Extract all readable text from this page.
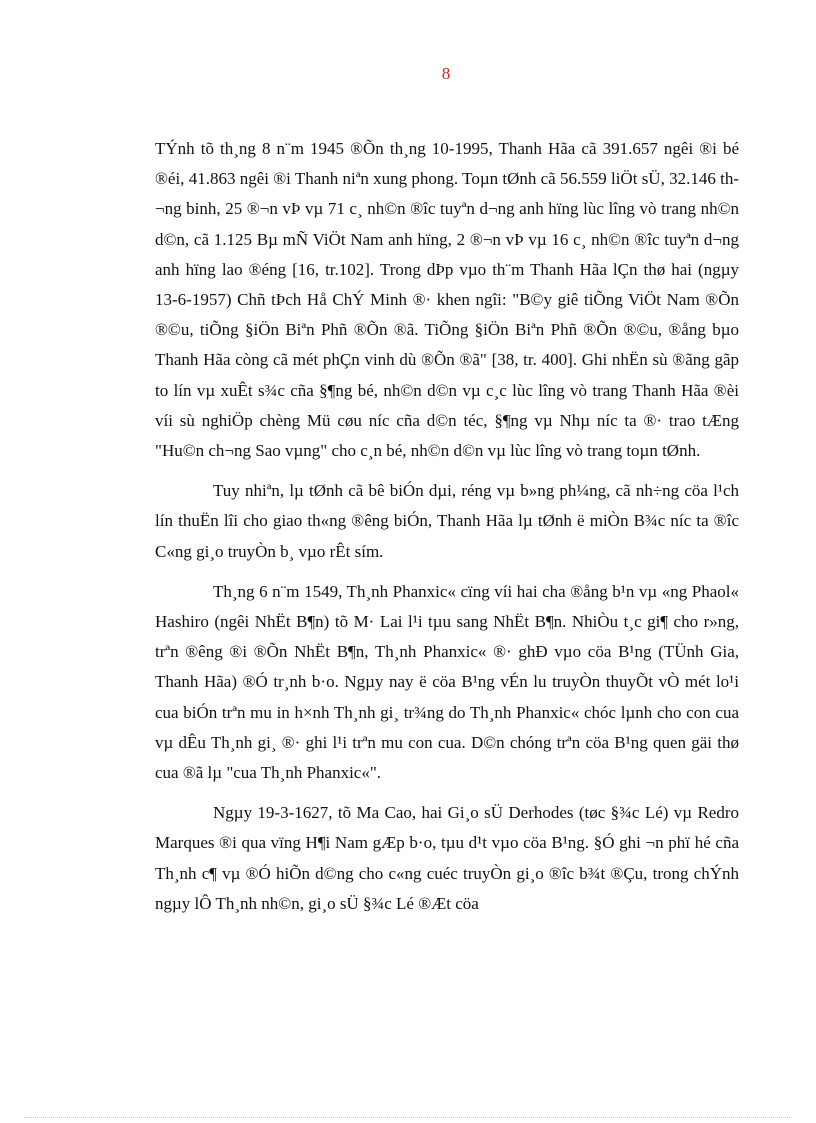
8

TÝnh tõ th¸ng 8 n¨m 1945 ®Õn th¸ng 10-1995, Thanh Hãa cã 391.657 ngêi ®i bé ®éi, 41.863 ngêi ®i Thanh niªn xung phong. Toµn tØnh cã 56.559 liÖt sÜ, 32.146 th¬ng binh, 25 ®¬n vÞ vµ 71 c¸ nh©n ®îc tuyªn d¬ng anh hïng lùc lîng vò trang nh©n d©n, cã 1.125 Bµ mÑ ViÖt Nam anh hïng, 2 ®¬n vÞ vµ 16 c¸ nh©n ®îc tuyªn d¬ng anh hïng lao ®éng [16, tr.102]. Trong dÞp vµo th¨m Thanh Hãa lÇn thø hai (ngµy 13-6-1957) Chñ tÞch Hå ChÝ Minh ®· khen ngîi: "B©y giê tiÕng ViÖt Nam ®Õn ®©u, tiÕng §iÖn Biªn Phñ ®Õn ®ã. TiÕng §iÖn Biªn Phñ ®Õn ®©u, ®ång bµo Thanh Hãa còng cã mét phÇn vinh dù ®Õn ®ã" [38, tr. 400]. Ghi nhËn sù ®ãng gãp to lín vµ xuÊt s¾c cña §¶ng bé, nh©n d©n vµ c¸c lùc lîng vò trang Thanh Hãa ®èi víi sù nghiÖp chèng Mü cøu níc cña d©n téc, §¶ng vµ Nhµ níc ta ®· trao tÆng "Hu©n ch¬ng Sao vµng" cho c¸n bé, nh©n d©n vµ lùc lîng vò trang toµn tØnh.

Tuy nhiªn, lµ tØnh cã bê biÓn dµi, réng vµ b»ng ph¼ng, cã nh÷ng cöa l¹ch lín thuËn lîi cho giao th«ng ®êng biÓn, Thanh Hãa lµ tØnh ë miÒn B¾c níc ta ®îc C«ng gi¸o truyÒn b¸ vµo rÊt sím.

Th¸ng 6 n¨m 1549, Th¸nh Phanxic« cïng víi hai cha ®ång b¹n vµ «ng Phaol« Hashiro (ngêi NhËt B¶n) tõ M· Lai l¹i tµu sang NhËt B¶n. NhiÒu t¸c gi¶ cho r»ng, trªn ®êng ®i ®Õn NhËt B¶n, Th¸nh Phanxic« ®· ghÐ vµo cöa B¹ng (TÜnh Gia, Thanh Hãa) ®Ó tr¸nh b·o. Ngµy nay ë cöa B¹ng vÉn lu truyÒn thuyÕt vÒ mét lo¹i cua biÓn trªn mu in h×nh Th¸nh gi¸ tr¾ng do Th¸nh Phanxic« chóc lµnh cho con cua vµ dÊu Th¸nh gi¸ ®· ghi l¹i trªn mu con cua. D©n chóng trªn cöa B¹ng quen gäi thø cua ®ã lµ "cua Th¸nh Phanxic«".

Ngµy 19-3-1627, tõ Ma Cao, hai Gi¸o sÜ Derhodes (tøc §¾c Lé) vµ Redro Marques ®i qua vïng H¶i Nam gÆp b·o, tµu d¹t vµo cöa B¹ng. §Ó ghi ¬n phï hé cña Th¸nh c¶ vµ ®Ó hiÕn d©ng cho c«ng cuéc truyÒn gi¸o ®îc b¾t ®Çu, trong chÝnh ngµy lÔ Th¸nh nh©n, gi¸o sÜ §¾c Lé ®Æt cöa
